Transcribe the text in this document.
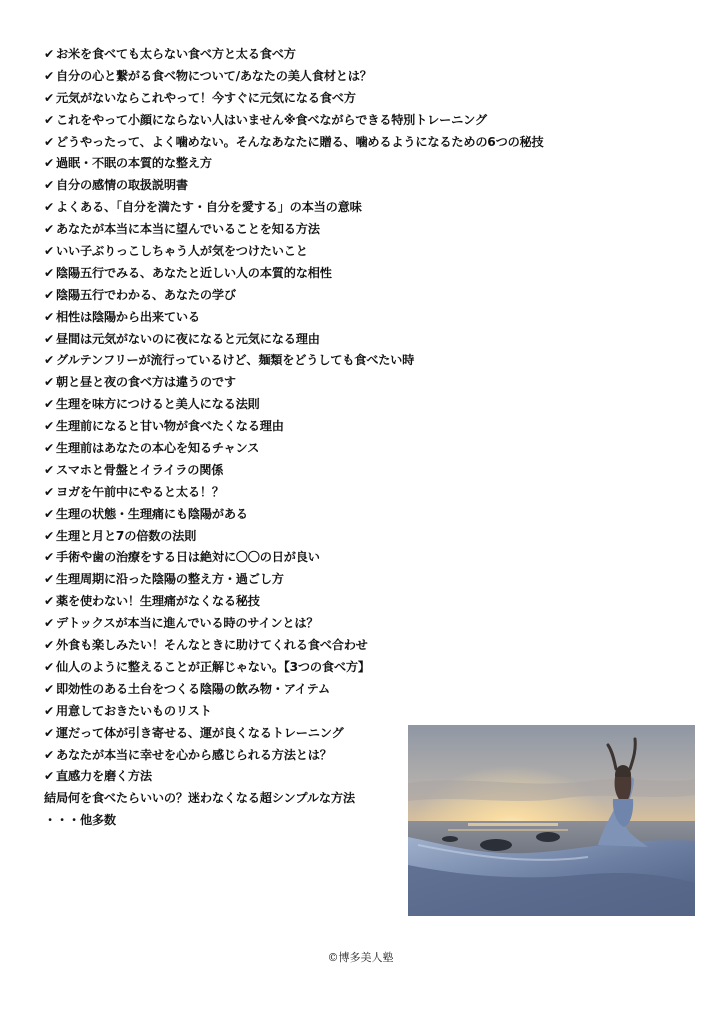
✔ お米を食べても太らない食べ方と太る食べ方
✔ 自分の心と繋がる食べ物について/あなたの美人食材とは？
✔ 元気がないならこれやって！今すぐに元気になる食べ方
✔ これをやって小顔にならない人はいません※食べながらできる特別トレーニング
✔ どうやったって、よく噛めない。そんなあなたに贈る、噛めるようになるための6つの秘技
✔ 過眠・不眠の本質的な整え方
✔ 自分の感情の取扱説明書
✔ よくある、「自分を満たす・自分を愛する」の本当の意味
✔ あなたが本当に本当に望んでいることを知る方法
✔ いい子ぶりっこしちゃう人が気をつけたいこと
✔ 陰陽五行でみる、あなたと近しい人の本質的な相性
✔ 陰陽五行でわかる、あなたの学び
✔ 相性は陰陽から出来ている
✔ 昼間は元気がないのに夜になると元気になる理由
✔ グルテンフリーが流行っているけど、麺類をどうしても食べたい時
✔ 朝と昼と夜の食べ方は違うのです
✔ 生理を味方につけると美人になる法則
✔ 生理前になると甘い物が食べたくなる理由
✔ 生理前はあなたの本心を知るチャンス
✔ スマホと骨盤とイライラの関係
✔ ヨガを午前中にやると太る！？
✔ 生理の状態・生理痛にも陰陽がある
✔ 生理と月と7の倍数の法則
✔ 手術や歯の治療をする日は絶対に〇〇の日が良い
✔ 生理周期に沿った陰陽の整え方・過ごし方
✔ 薬を使わない！生理痛がなくなる秘技
✔ デトックスが本当に進んでいる時のサインとは？
✔ 外食も楽しみたい！そんなときに助けてくれる食べ合わせ
✔ 仙人のように整えることが正解じゃない。【3つの食べ方】
✔ 即効性のある土台をつくる陰陽の飲み物・アイテム
✔ 用意しておきたいものリスト
✔ 運だって体が引き寄せる、運が良くなるトレーニング
✔ あなたが本当に幸せを心から感じられる方法とは？
✔ 直感力を磨く方法
結局何を食べたらいいの？迷わなくなる超シンプルな方法
・・・他多数
©博多美人塾
